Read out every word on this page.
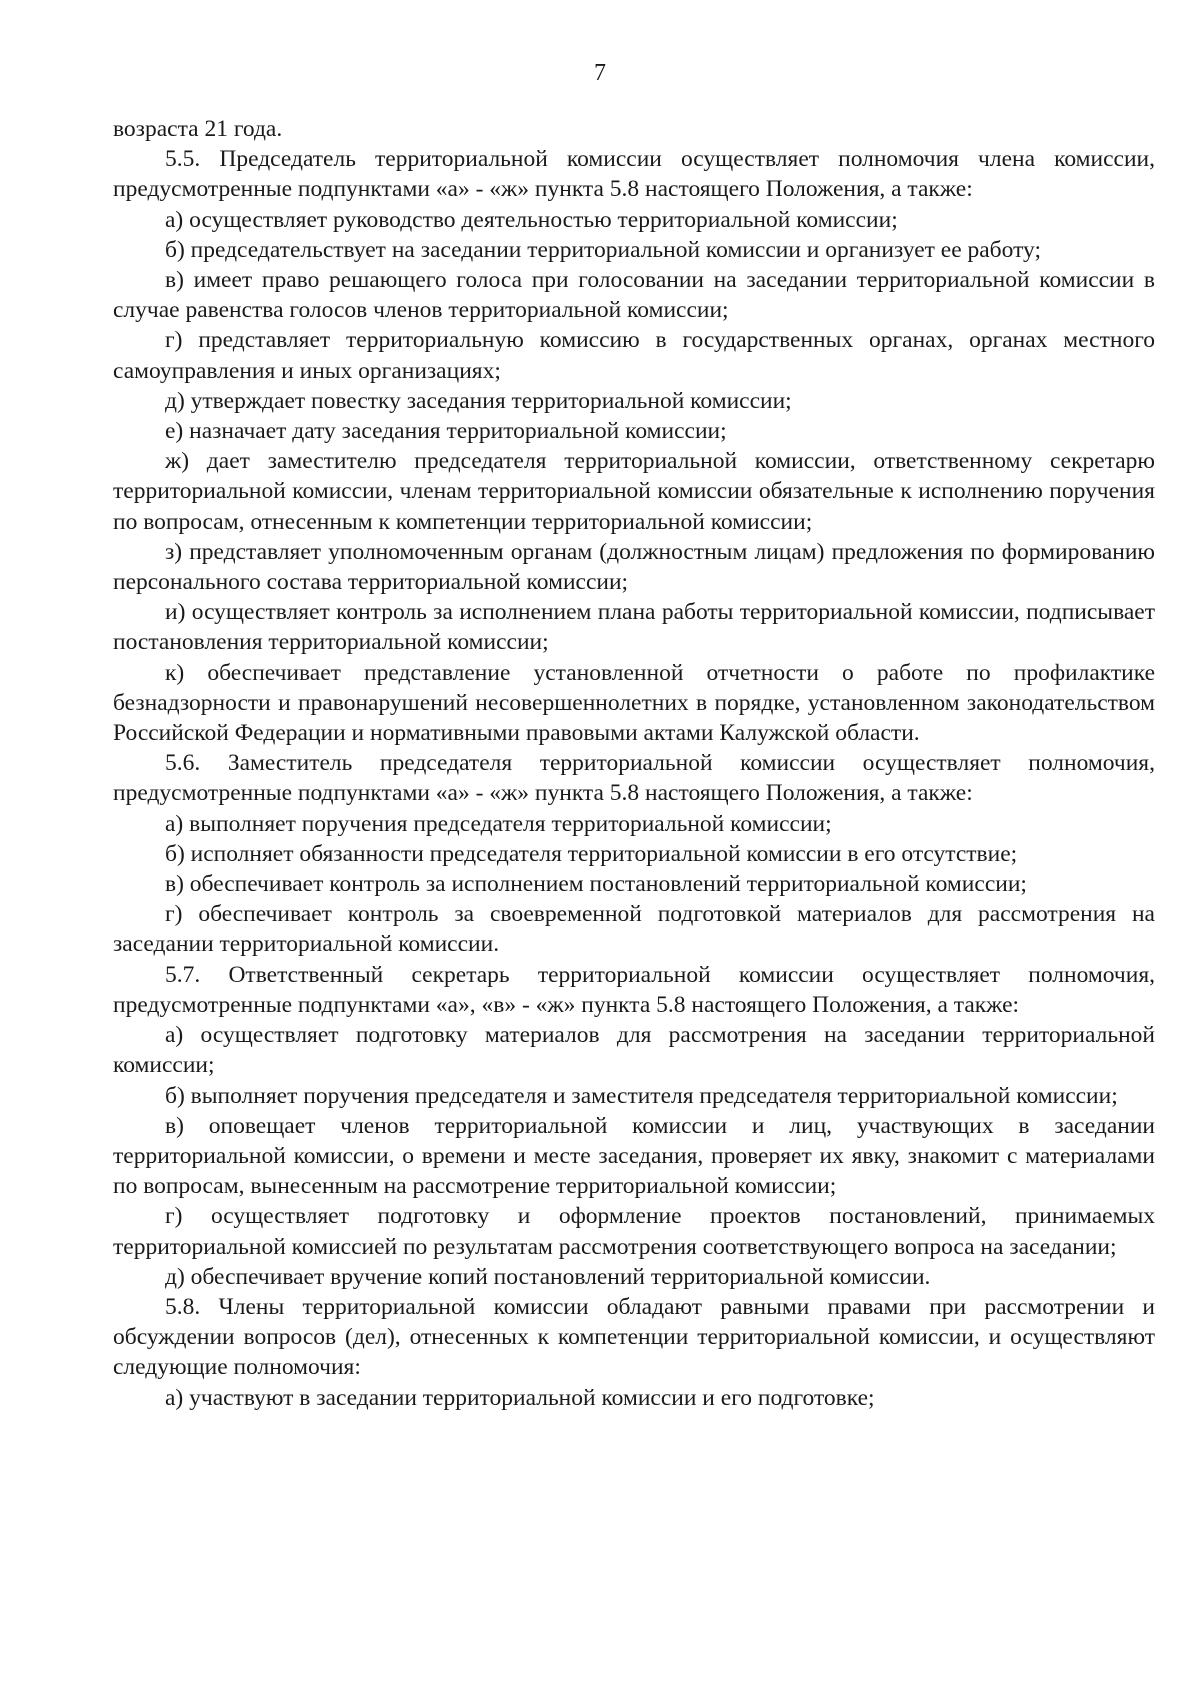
7

возраста 21 года.

5.5. Председатель территориальной комиссии осуществляет полномочия члена комиссии, предусмотренные подпунктами «а» - «ж» пункта 5.8 настоящего Положения, а также:

а) осуществляет руководство деятельностью территориальной комиссии;

б) председательствует на заседании территориальной комиссии и организует ее работу;

в) имеет право решающего голоса при голосовании на заседании территориальной комиссии в случае равенства голосов членов территориальной комиссии;

г) представляет территориальную комиссию в государственных органах, органах местного самоуправления и иных организациях;

д) утверждает повестку заседания территориальной комиссии;

е) назначает дату заседания территориальной комиссии;

ж) дает заместителю председателя территориальной комиссии, ответственному секретарю территориальной комиссии, членам территориальной комиссии обязательные к исполнению поручения по вопросам, отнесенным к компетенции территориальной комиссии;

з) представляет уполномоченным органам (должностным лицам) предложения по формированию персонального состава территориальной комиссии;

и) осуществляет контроль за исполнением плана работы территориальной комиссии, подписывает постановления территориальной комиссии;

к) обеспечивает представление установленной отчетности о работе по профилактике безнадзорности и правонарушений несовершеннолетних в порядке, установленном законодательством Российской Федерации и нормативными правовыми актами Калужской области.

5.6. Заместитель председателя территориальной комиссии осуществляет полномочия, предусмотренные подпунктами «а» - «ж» пункта 5.8 настоящего Положения, а также:

а) выполняет поручения председателя территориальной комиссии;

б) исполняет обязанности председателя территориальной комиссии в его отсутствие;

в) обеспечивает контроль за исполнением постановлений территориальной комиссии;

г) обеспечивает контроль за своевременной подготовкой материалов для рассмотрения на заседании территориальной комиссии.

5.7. Ответственный секретарь территориальной комиссии осуществляет полномочия, предусмотренные подпунктами «а», «в» - «ж» пункта 5.8 настоящего Положения, а также:

а) осуществляет подготовку материалов для рассмотрения на заседании территориальной комиссии;

б) выполняет поручения председателя и заместителя председателя территориальной комиссии;

в) оповещает членов территориальной комиссии и лиц, участвующих в заседании территориальной комиссии, о времени и месте заседания, проверяет их явку, знакомит с материалами по вопросам, вынесенным на рассмотрение территориальной комиссии;

г) осуществляет подготовку и оформление проектов постановлений, принимаемых территориальной комиссией по результатам рассмотрения соответствующего вопроса на заседании;

д) обеспечивает вручение копий постановлений территориальной комиссии.

5.8. Члены территориальной комиссии обладают равными правами при рассмотрении и обсуждении вопросов (дел), отнесенных к компетенции территориальной комиссии, и осуществляют следующие полномочия:

а) участвуют в заседании территориальной комиссии и его подготовке;
